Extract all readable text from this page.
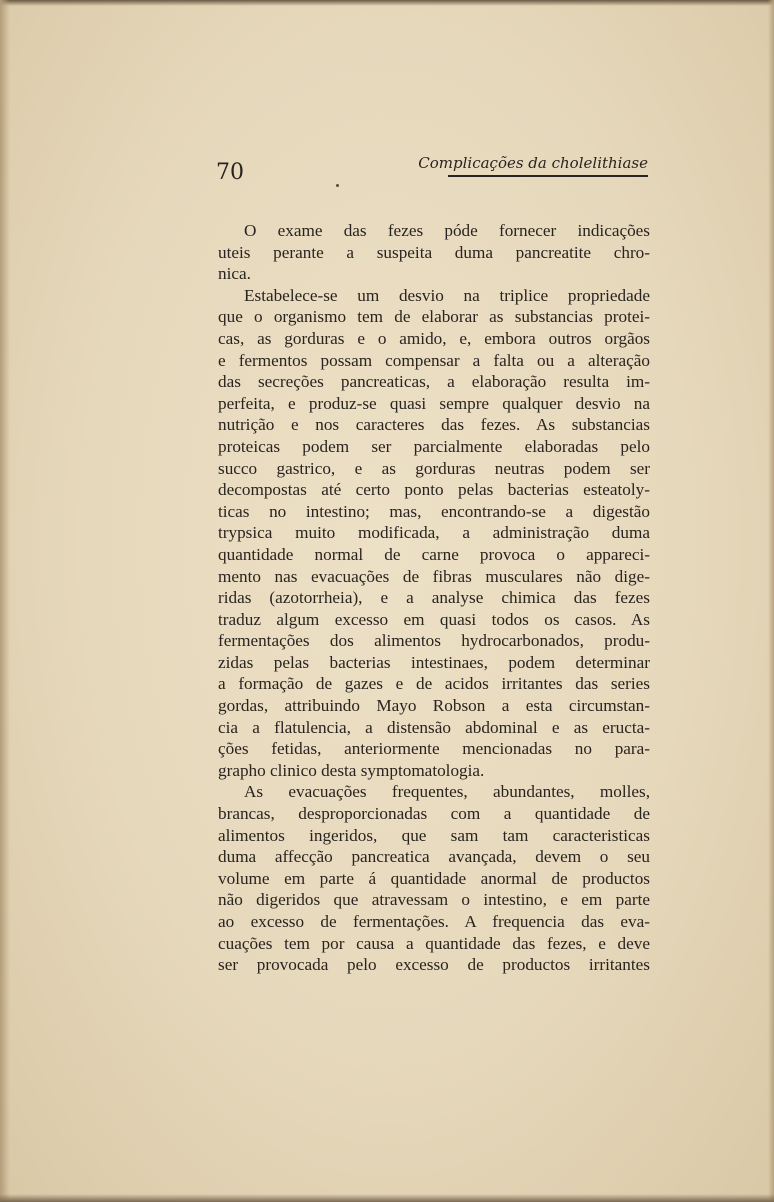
70	Complicações da cholelithiase
O exame das fezes póde fornecer indicações
uteis perante a suspeita duma pancreatite chro-
nica.
Estabelece-se um desvio na triplice propriedade
que o organismo tem de elaborar as substancias protei-
cas, as gorduras e o amido, e, embora outros orgãos
e fermentos possam compensar a falta ou a alteração
das secreções pancreaticas, a elaboração resulta im-
perfeita, e produz-se quasi sempre qualquer desvio na
nutrição e nos caracteres das fezes. As substancias
proteicas podem ser parcialmente elaboradas pelo
succo gastrico, e as gorduras neutras podem ser
decompostas até certo ponto pelas bacterias esteatoly-
ticas no intestino; mas, encontrando-se a digestão
trypsica muito modificada, a administração duma
quantidade normal de carne provoca o appareci-
mento nas evacuações de fibras musculares não dige-
ridas (azotorrheia), e a analyse chimica das fezes
traduz algum excesso em quasi todos os casos. As
fermentações dos alimentos hydrocarbonados, produ-
zidas pelas bacterias intestinaes, podem determinar
a formação de gazes e de acidos irritantes das series
gordas, attribuindo Mayo Robson a esta circumstan-
cia a flatulencia, a distensão abdominal e as eructa-
ções fetidas, anteriormente mencionadas no para-
grapho clinico desta symptomatologia.
As evacuações frequentes, abundantes, molles,
brancas, desproporcionadas com a quantidade de
alimentos ingeridos, que sam tam caracteristicas
duma affecção pancreatica avançada, devem o seu
volume em parte á quantidade anormal de productos
não digeridos que atravessam o intestino, e em parte
ao excesso de fermentações. A frequencia das eva-
cuações tem por causa a quantidade das fezes, e deve
ser provocada pelo excesso de productos irritantes
